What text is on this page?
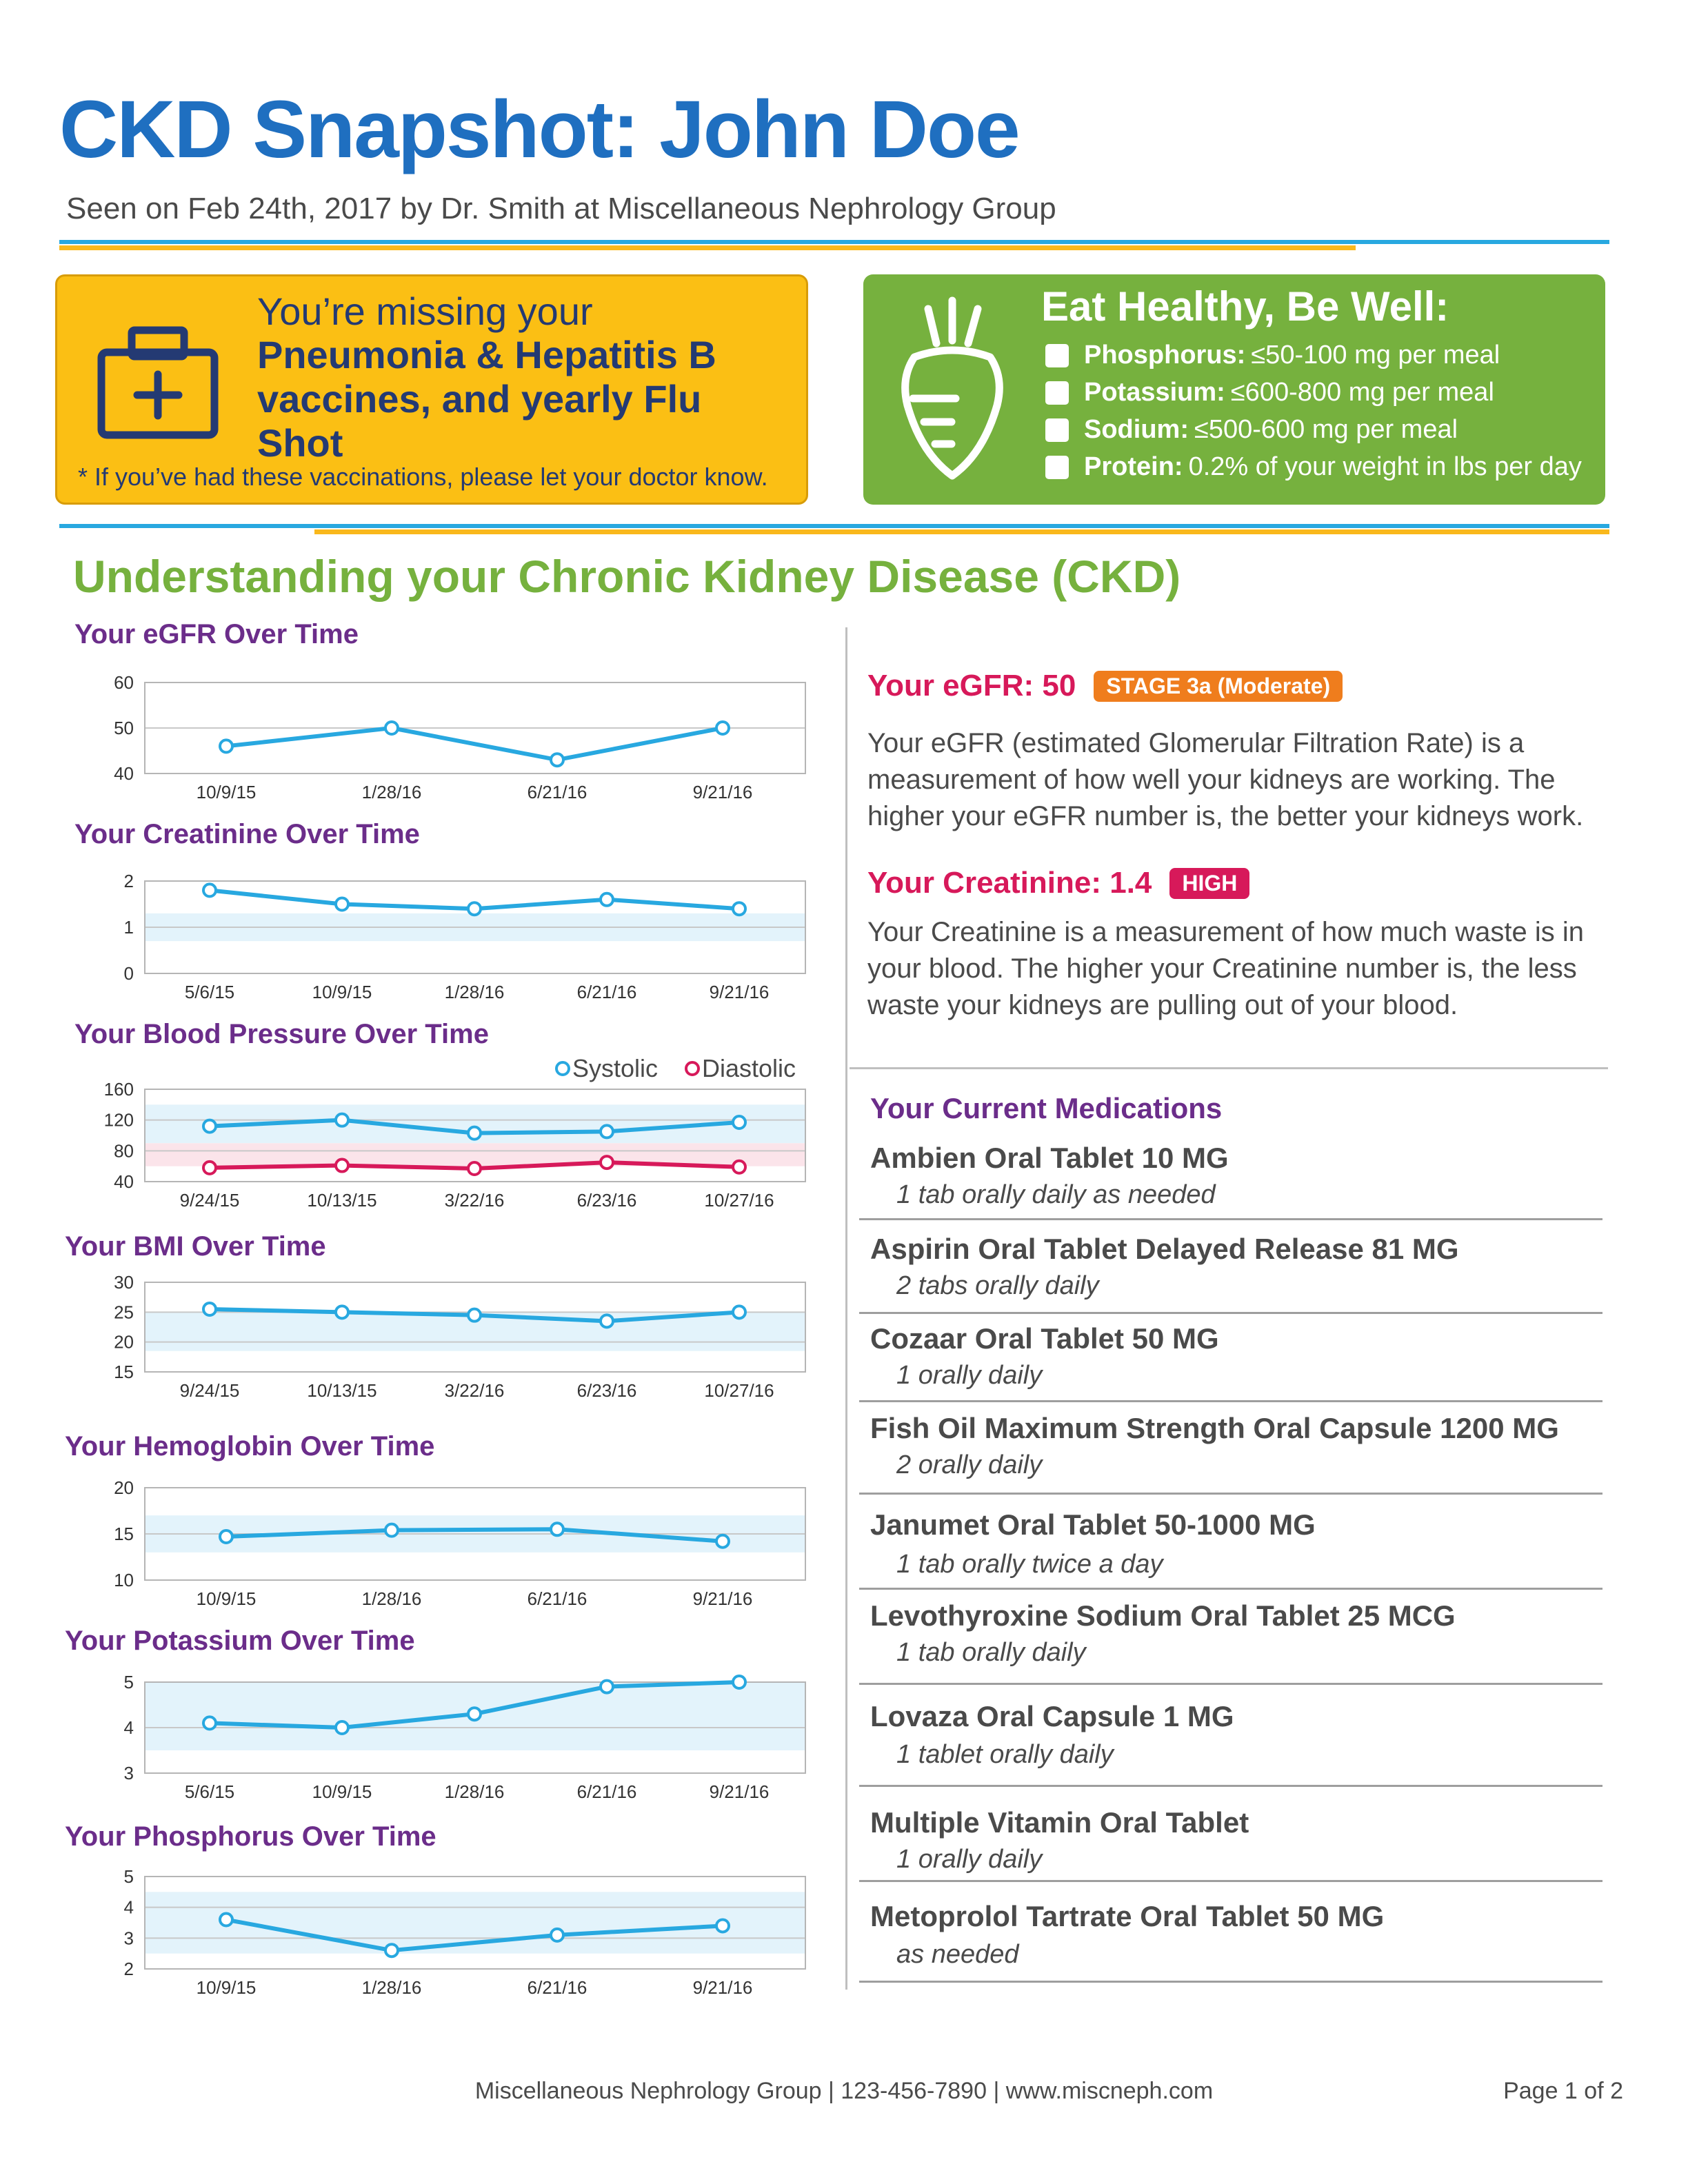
CKD Snapshot: John Doe
Seen on Feb 24th, 2017 by Dr. Smith at Miscellaneous Nephrology Group
You’re missing your
Pneumonia & Hepatitis B vaccines, and yearly Flu Shot
* If you’ve had these vaccinations, please let your doctor know.
Eat Healthy, Be Well:
Phosphorus: ≤50-100 mg per meal
Potassium: ≤600-800 mg per meal
Sodium: ≤500-600 mg per meal
Protein: 0.2% of your weight in lbs per day
Understanding your Chronic Kidney Disease (CKD)
Your eGFR Over Time
40
50
60
10/9/15	1/28/16	6/21/16	9/21/16
Your Creatinine Over Time
0
1
2
5/6/15	10/9/15	1/28/16	6/21/16	9/21/16
Your Blood Pressure Over Time
40
80
120
160
9/24/15	10/13/15	3/22/16	6/23/16	10/27/16
Systolic Diastolic
Your BMI Over Time
15
20
25
30
9/24/15	10/13/15	3/22/16	6/23/16	10/27/16
Your Hemoglobin Over Time
10
15
20
10/9/15	1/28/16	6/21/16	9/21/16
Your Potassium Over Time
3
4
5
5/6/15	10/9/15	1/28/16	6/21/16	9/21/16
Your Phosphorus Over Time
2
3
4
5
10/9/15	1/28/16	6/21/16	9/21/16
Your eGFR: 50	STAGE 3a (Moderate)
Your eGFR (estimated Glomerular Filtration Rate) is a measurement of how well your kidneys are working. The higher your eGFR number is, the better your kidneys work.
Your Creatinine: 1.4	HIGH
Your Creatinine is a measurement of how much waste is in your blood. The higher your Creatinine number is, the less waste your kidneys are pulling out of your blood.
Your Current Medications
Ambien Oral Tablet 10 MG
1 tab orally daily as needed
Aspirin Oral Tablet Delayed Release 81 MG
2 tabs orally daily
Cozaar Oral Tablet 50 MG
1 orally daily
Fish Oil Maximum Strength Oral Capsule 1200 MG
2 orally daily
Janumet Oral Tablet 50-1000 MG
1 tab orally twice a day
Levothyroxine Sodium Oral Tablet 25 MCG
1 tab orally daily
Lovaza Oral Capsule 1 MG
1 tablet orally daily
Multiple Vitamin Oral Tablet
1 orally daily
Metoprolol Tartrate Oral Tablet 50 MG
as needed
Miscellaneous Nephrology Group | 123-456-7890 | www.miscneph.com	Page 1 of 2
